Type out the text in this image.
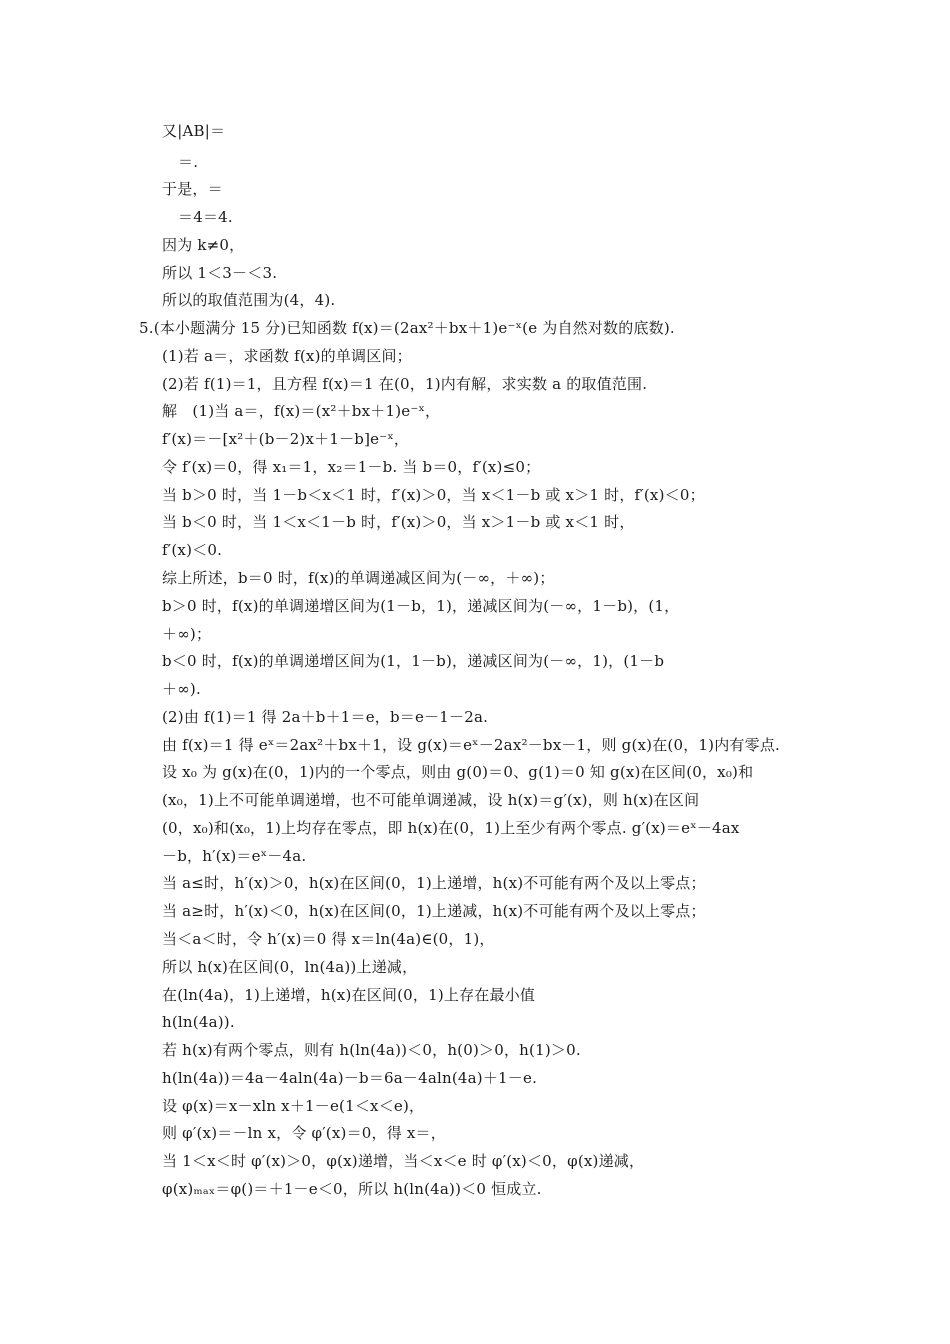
又|AB|＝
＝.
于是，＝
＝4＝4.
因为 k≠0，
所以 1＜3－＜3.
所以的取值范围为(4，4).
5.(本小题满分 15 分)已知函数 f(x)＝(2ax²＋bx＋1)e⁻ˣ(e 为自然对数的底数).
(1)若 a＝，求函数 f(x)的单调区间；
(2)若 f(1)＝1，且方程 f(x)＝1 在(0，1)内有解，求实数 a 的取值范围.
解　(1)当 a＝，f(x)＝(x²＋bx＋1)e⁻ˣ，
f′(x)＝－[x²＋(b－2)x＋1－b]e⁻ˣ，
令 f′(x)＝0，得 x₁＝1，x₂＝1－b. 当 b＝0，f′(x)≤0；
当 b＞0 时，当 1－b＜x＜1 时，f′(x)＞0，当 x＜1－b 或 x＞1 时，f′(x)＜0；
当 b＜0 时，当 1＜x＜1－b 时，f′(x)＞0，当 x＞1－b 或 x＜1 时，
f′(x)＜0.
综上所述，b＝0 时，f(x)的单调递减区间为(－∞，＋∞)；
b＞0 时，f(x)的单调递增区间为(1－b，1)，递减区间为(－∞，1－b)，(1，
＋∞)；
b＜0 时，f(x)的单调递增区间为(1，1－b)，递减区间为(－∞，1)，(1－b
＋∞).
(2)由 f(1)＝1 得 2a＋b＋1＝e，b＝e－1－2a.
由 f(x)＝1 得 eˣ＝2ax²＋bx＋1，设 g(x)＝eˣ－2ax²－bx－1，则 g(x)在(0，1)内有零点.
设 x₀ 为 g(x)在(0，1)内的一个零点，则由 g(0)＝0、g(1)＝0 知 g(x)在区间(0，x₀)和
(x₀，1)上不可能单调递增，也不可能单调递减，设 h(x)＝g′(x)，则 h(x)在区间
(0，x₀)和(x₀，1)上均存在零点，即 h(x)在(0，1)上至少有两个零点. g′(x)＝eˣ－4ax
－b，h′(x)＝eˣ－4a.
当 a≤时，h′(x)＞0，h(x)在区间(0，1)上递增，h(x)不可能有两个及以上零点；
当 a≥时，h′(x)＜0，h(x)在区间(0，1)上递减，h(x)不可能有两个及以上零点；
当＜a＜时，令 h′(x)＝0 得 x＝ln(4a)∈(0，1)，
所以 h(x)在区间(0，ln(4a))上递减，
在(ln(4a)，1)上递增，h(x)在区间(0，1)上存在最小值
h(ln(4a)).
若 h(x)有两个零点，则有 h(ln(4a))＜0，h(0)＞0，h(1)＞0.
h(ln(4a))＝4a－4aln(4a)－b＝6a－4aln(4a)＋1－e.
设 φ(x)＝x－xln x＋1－e(1＜x＜e)，
则 φ′(x)＝－ln x，令 φ′(x)＝0，得 x＝，
当 1＜x＜时 φ′(x)＞0，φ(x)递增，当＜x＜e 时 φ′(x)＜0，φ(x)递减，
φ(x)ₘₐₓ＝φ()＝＋1－e＜0，所以 h(ln(4a))＜0 恒成立.
